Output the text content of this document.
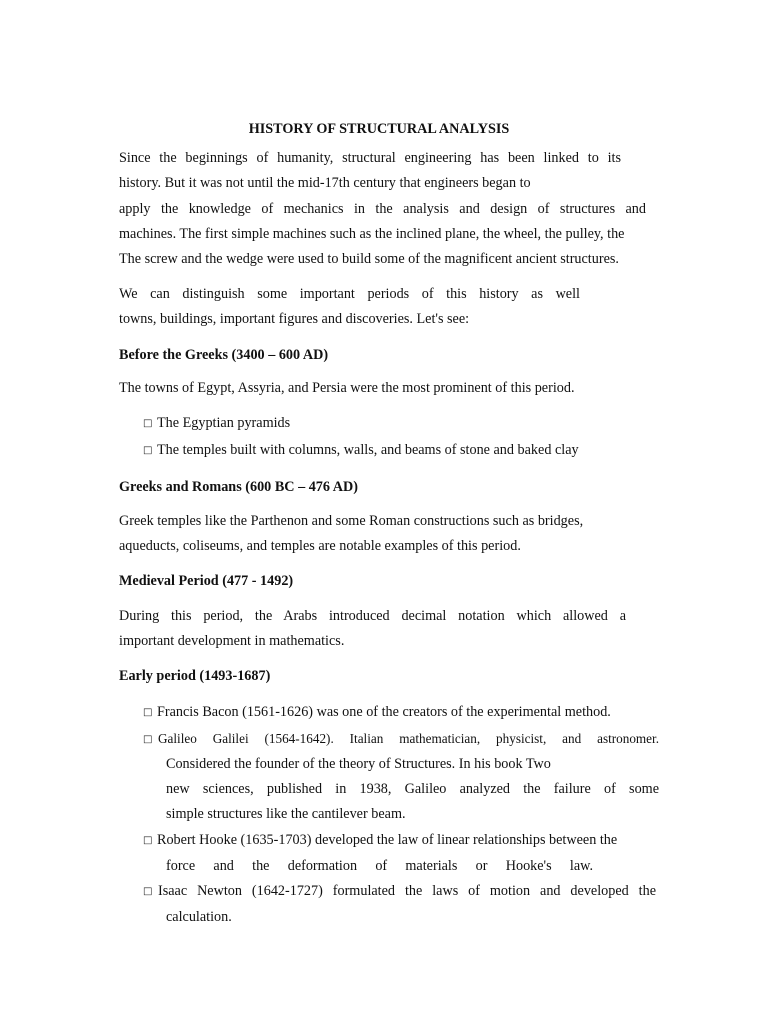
HISTORY OF STRUCTURAL ANALYSIS
Since the beginnings of humanity, structural engineering has been linked to its
history. But it was not until the mid-17th century that engineers began to
apply the knowledge of mechanics in the analysis and design of structures and
machines. The first simple machines such as the inclined plane, the wheel, the pulley, the
The screw and the wedge were used to build some of the magnificent ancient structures.
We can distinguish some important periods of this history as well
towns, buildings, important figures and discoveries. Let's see:
Before the Greeks (3400 – 600 AD)
The towns of Egypt, Assyria, and Persia were the most prominent of this period.
□ The Egyptian pyramids
□ The temples built with columns, walls, and beams of stone and baked clay
Greeks and Romans (600 BC – 476 AD)
Greek temples like the Parthenon and some Roman constructions such as bridges,
aqueducts, coliseums, and temples are notable examples of this period.
Medieval Period (477 - 1492)
During this period, the Arabs introduced decimal notation which allowed a
important development in mathematics.
Early period (1493-1687)
□ Francis Bacon (1561-1626) was one of the creators of the experimental method.
□ Galileo Galilei (1564-1642). Italian mathematician, physicist, and astronomer.
Considered the founder of the theory of Structures. In his book Two
new sciences, published in 1938, Galileo analyzed the failure of some
simple structures like the cantilever beam.
□ Robert Hooke (1635-1703) developed the law of linear relationships between the
force and the deformation of materials or Hooke's law.
□ Isaac Newton (1642-1727) formulated the laws of motion and developed the
calculation.
